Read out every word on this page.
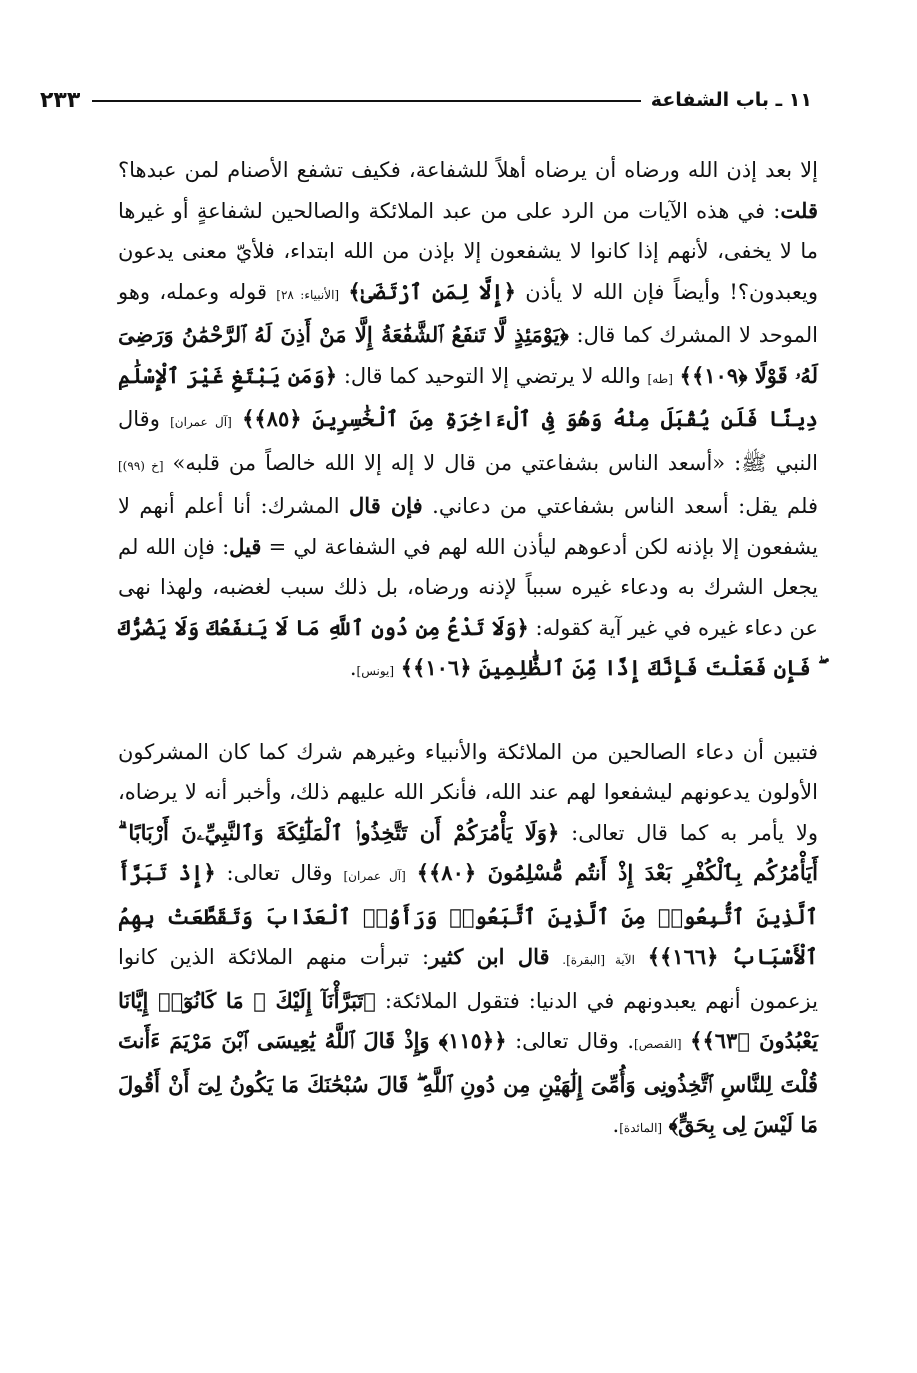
١١ ـ باب الشفاعة
٢٣٣

إلا بعد إذن الله ورضاه أن يرضاه أهلاً للشفاعة، فكيف تشفع الأصنام لمن عبدها؟ قلت: في هذه الآيات من الرد على من عبد الملائكة والصالحين لشفاعةٍ أو غيرها ما لا يخفى، لأنهم إذا كانوا لا يشفعون إلا بإذن من الله ابتداء، فلأيّ معنى يدعون ويعبدون؟! وأيضاً فإن الله لا يأذن ﴿إِلَّا لِمَنِ ٱرْتَضَىٰ﴾ [الأنبياء: ٢٨] قوله وعمله، وهو الموحد لا المشرك كما قال: ﴿يَوْمَئِذٍ لَّا تَنفَعُ ٱلشَّفَٰعَةُ إِلَّا مَنْ أَذِنَ لَهُ ٱلرَّحْمَٰنُ وَرَضِىَ لَهُۥ قَوْلًا ﴿١٠٩﴾﴾ [طه] والله لا يرتضي إلا التوحيد كما قال: ﴿وَمَن يَبْتَغِ غَيْرَ ٱلْإِسْلَٰمِ دِينًا فَلَن يُقْبَلَ مِنْهُ وَهُوَ فِى ٱلْءَاخِرَةِ مِنَ ٱلْخَٰسِرِينَ ﴿٨٥﴾﴾ [آل عمران] وقال النبي ﷺ: «أسعد الناس بشفاعتي من قال لا إله إلا الله خالصاً من قلبه» [خ (٩٩)] فلم يقل: أسعد الناس بشفاعتي من دعاني. فإن قال المشرك: أنا أعلم أنهم لا يشفعون إلا بإذنه لكن أدعوهم ليأذن الله لهم في الشفاعة لي = قيل: فإن الله لم يجعل الشرك به ودعاء غيره سبباً لإذنه ورضاه، بل ذلك سبب لغضبه، ولهذا نهى عن دعاء غيره في غير آية كقوله: ﴿وَلَا تَدْعُ مِن دُونِ ٱللَّهِ مَا لَا يَنفَعُكَ وَلَا يَضُرُّكَ ۖ فَإِن فَعَلْتَ فَإِنَّكَ إِذًا مِّنَ ٱلظَّٰلِمِينَ ﴿١٠٦﴾﴾ [يونس].

فتبين أن دعاء الصالحين من الملائكة والأنبياء وغيرهم شرك كما كان المشركون الأولون يدعونهم ليشفعوا لهم عند الله، فأنكر الله عليهم ذلك، وأخبر أنه لا يرضاه، ولا يأمر به كما قال تعالى: ﴿وَلَا يَأْمُرَكُمْ أَن تَتَّخِذُوا۟ ٱلْمَلَٰٓئِكَةَ وَٱلنَّبِيِّۦنَ أَرْبَابًا ۗ أَيَأْمُرُكُم بِٱلْكُفْرِ بَعْدَ إِذْ أَنتُم مُّسْلِمُونَ ﴿٨٠﴾﴾ [آل عمران] وقال تعالى: ﴿إِذْ تَبَرَّأَ ٱلَّذِينَ ٱتُّبِعُوا۟ مِنَ ٱلَّذِينَ ٱتَّبَعُوا۟ وَرَأَوُا۟ ٱلْعَذَابَ وَتَقَطَّعَتْ بِهِمُ ٱلْأَسْبَابُ ﴿١٦٦﴾﴾ الآية [البقرة]. قال ابن كثير: تبرأت منهم الملائكة الذين كانوا يزعمون أنهم يعبدونهم في الدنيا: فتقول الملائكة: ﴿تَبَرَّأْنَآ إِلَيْكَ ۖ مَا كَانُوٓا۟ إِيَّانَا يَعْبُدُونَ ﴿٦٣﴾﴾ [القصص]. وقال تعالى: ﴿﴿١١٥﴾ وَإِذْ قَالَ ٱللَّهُ يَٰعِيسَى ٱبْنَ مَرْيَمَ ءَأَنتَ قُلْتَ لِلنَّاسِ ٱتَّخِذُونِى وَأُمِّىَ إِلَٰهَيْنِ مِن دُونِ ٱللَّهِ ۖ قَالَ سُبْحَٰنَكَ مَا يَكُونُ لِىٓ أَنْ أَقُولَ مَا لَيْسَ لِى بِحَقٍّ﴾ [المائدة].
